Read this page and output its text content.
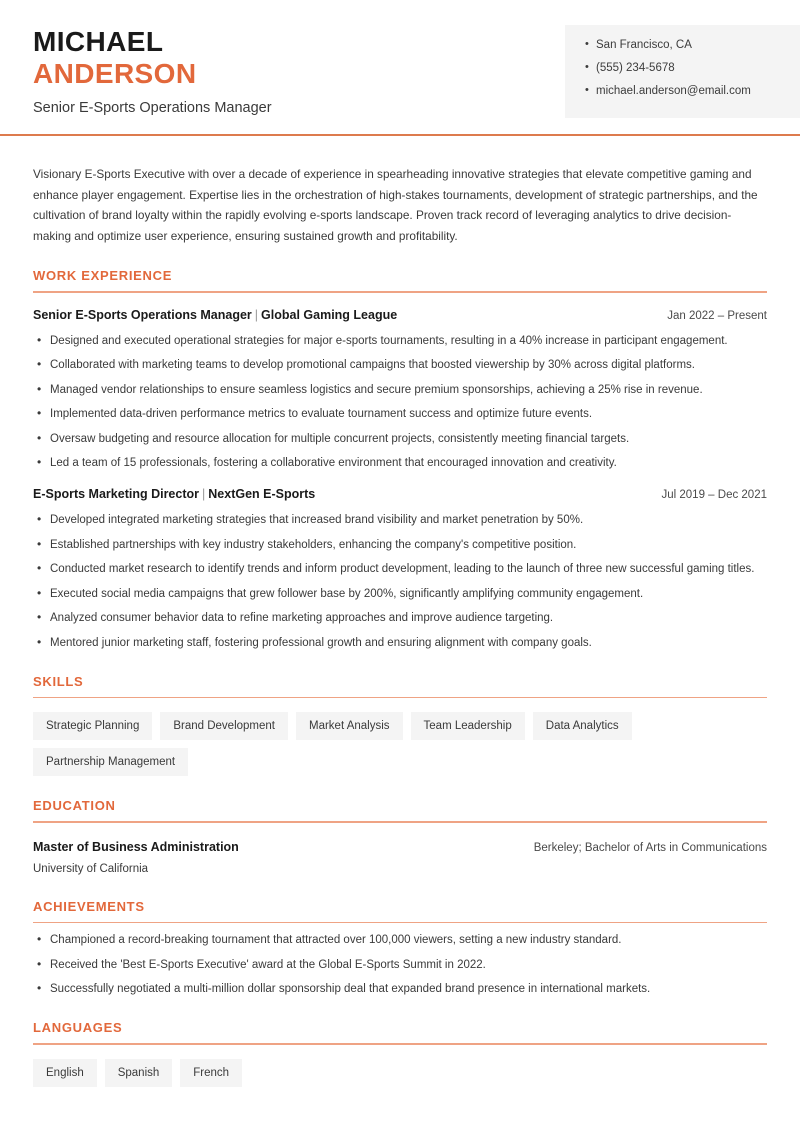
MICHAEL
ANDERSON
Senior E-Sports Operations Manager
• San Francisco, CA
• (555) 234-5678
• michael.anderson@email.com

Visionary E-Sports Executive with over a decade of experience in spearheading innovative strategies that elevate competitive gaming and enhance player engagement. Expertise lies in the orchestration of high-stakes tournaments, development of strategic partnerships, and the cultivation of brand loyalty within the rapidly evolving e-sports landscape. Proven track record of leveraging analytics to drive decision-making and optimize user experience, ensuring sustained growth and profitability.

WORK EXPERIENCE
Senior E-Sports Operations Manager | Global Gaming League	Jan 2022 – Present
• Designed and executed operational strategies for major e-sports tournaments, resulting in a 40% increase in participant engagement.
• Collaborated with marketing teams to develop promotional campaigns that boosted viewership by 30% across digital platforms.
• Managed vendor relationships to ensure seamless logistics and secure premium sponsorships, achieving a 25% rise in revenue.
• Implemented data-driven performance metrics to evaluate tournament success and optimize future events.
• Oversaw budgeting and resource allocation for multiple concurrent projects, consistently meeting financial targets.
• Led a team of 15 professionals, fostering a collaborative environment that encouraged innovation and creativity.
E-Sports Marketing Director | NextGen E-Sports	Jul 2019 – Dec 2021
• Developed integrated marketing strategies that increased brand visibility and market penetration by 50%.
• Established partnerships with key industry stakeholders, enhancing the company's competitive position.
• Conducted market research to identify trends and inform product development, leading to the launch of three new successful gaming titles.
• Executed social media campaigns that grew follower base by 200%, significantly amplifying community engagement.
• Analyzed consumer behavior data to refine marketing approaches and improve audience targeting.
• Mentored junior marketing staff, fostering professional growth and ensuring alignment with company goals.
SKILLS
Strategic Planning	Brand Development	Market Analysis	Team Leadership	Data Analytics
Partnership Management
EDUCATION
Master of Business Administration	Berkeley; Bachelor of Arts in Communications
University of California
ACHIEVEMENTS
• Championed a record-breaking tournament that attracted over 100,000 viewers, setting a new industry standard.
• Received the 'Best E-Sports Executive' award at the Global E-Sports Summit in 2022.
• Successfully negotiated a multi-million dollar sponsorship deal that expanded brand presence in international markets.
LANGUAGES
English	Spanish	French
